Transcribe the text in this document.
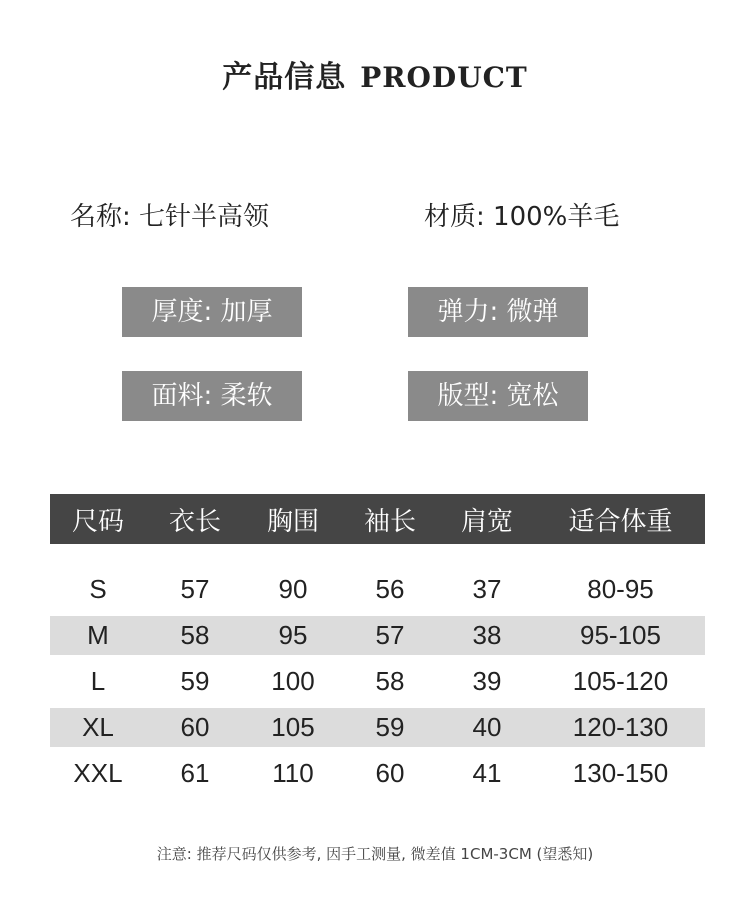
产品信息 PRODUCT
名称: 七针半高领	材质: 100%羊毛
厚度: 加厚	弹力: 微弹
面料: 柔软	版型: 宽松
尺码	衣长	胸围	袖长	肩宽	适合体重
S	57	90	56	37	80-95
M	58	95	57	38	95-105
L	59	100	58	39	105-120
XL	60	105	59	40	120-130
XXL	61	110	60	41	130-150
注意: 推荐尺码仅供参考, 因手工测量, 微差值 1CM-3CM (望悉知)
